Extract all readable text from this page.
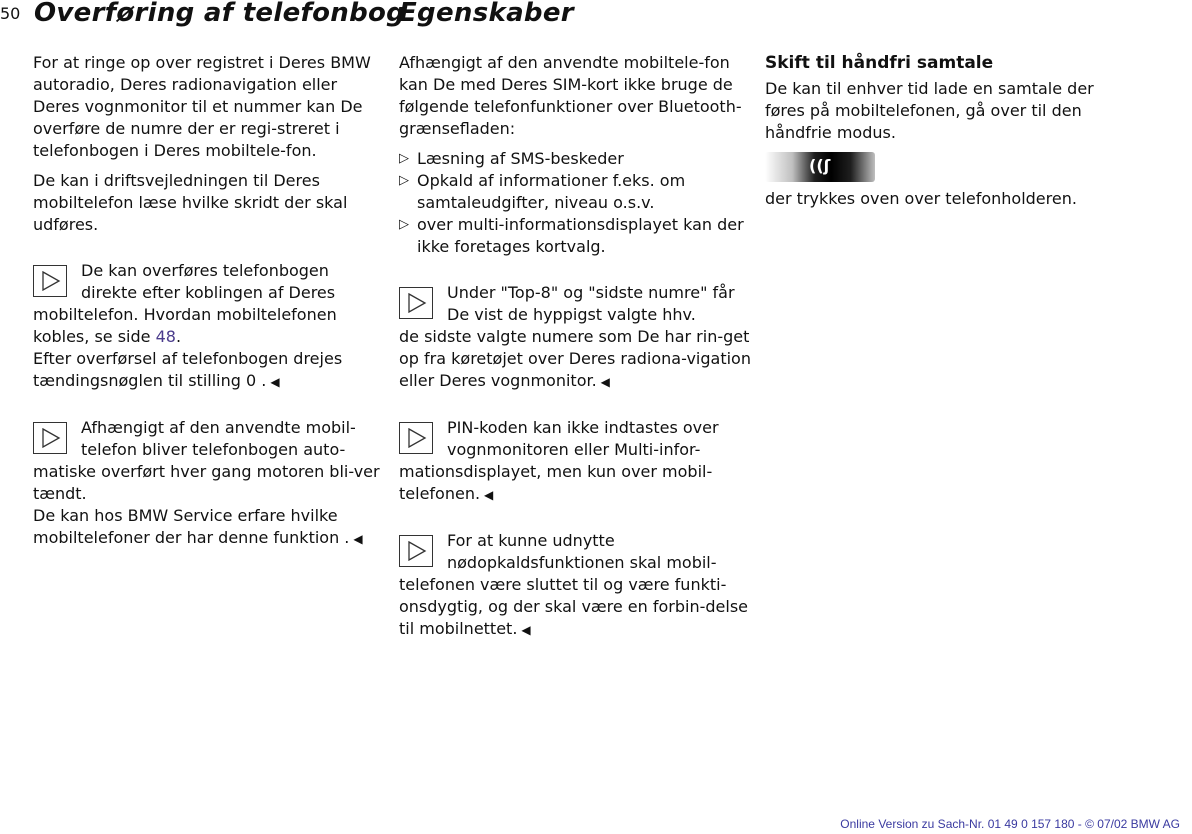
50 Overføring af telefonbog
Egenskaber

For at ringe op over registret i Deres BMW autoradio, Deres radionavigation eller Deres vognmonitor til et nummer kan De overføre de numre der er regi-streret i telefonbogen i Deres mobiltele-fon.

De kan i driftsvejledningen til Deres mobiltelefon læse hvilke skridt der skal udføres.

De kan overføres telefonbogen direkte efter koblingen af Deres
mobiltelefon. Hvordan mobiltelefonen kobles, se side 48.
Efter overførsel af telefonbogen drejes tændingsnøglen til stilling 0 . ◀
Afhængigt af den anvendte mobil-telefon bliver telefonbogen auto-
matiske overført hver gang motoren bli-ver tændt.
De kan hos BMW Service erfare hvilke mobiltelefoner der har denne funktion . ◀

Afhængigt af den anvendte mobiltele-fon kan De med Deres SIM-kort ikke bruge de følgende telefonfunktioner over Bluetooth-grænsefladen:

▷ Læsning af SMS-beskeder
▷ Opkald af informationer f.eks. om samtaleudgifter, niveau o.s.v.
▷ over multi-informationsdisplayet kan der ikke foretages kortvalg.
Under "Top-8" og "sidste numre" får De vist de hyppigst valgte hhv.
de sidste valgte numere som De har rin-get op fra køretøjet over Deres radiona-vigation eller Deres vognmonitor. ◀
PIN-koden kan ikke indtastes over vognmonitoren eller Multi-infor-
mationsdisplayet, men kun over mobil-telefonen. ◀
For at kunne udnytte nødopkaldsfunktionen skal mobil-
telefonen være sluttet til og være funkti-onsdygtig, og der skal være en forbin-delse til mobilnettet. ◀
Skift til håndfri samtale

De kan til enhver tid lade en samtale der føres på mobiltelefonen, gå over til den håndfrie modus.

((ʃ

der trykkes oven over telefonholderen.

Online Version zu Sach-Nr. 01 49 0 157 180 - © 07/02 BMW AG
